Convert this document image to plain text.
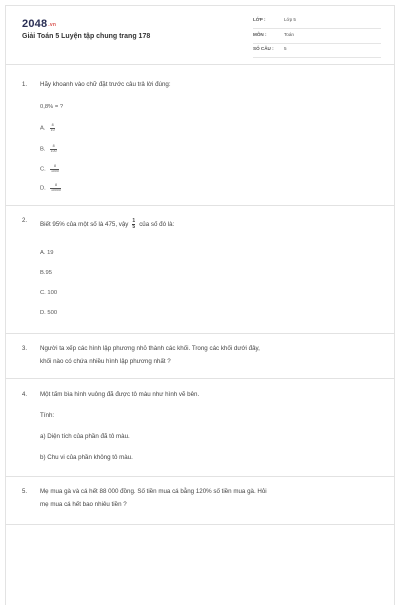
2048.vn
Giải Toán 5 Luyện tập chung trang 178
LỚP :	Lớp 5
MÔN :	Toán
SỐ CÂU : 5
1. Hãy khoanh vào chữ đặt trước câu trả lời đúng:
0,8% = ?
A. $\frac{8}{10}$
B. $\frac{8}{100}$
C. $\frac{8}{1000}$
D. $\frac{8}{10000}$
2.
Biết 95% của một số là 475, vậy $\frac{1}{5}$ của số đó là:
A. 19
B.95
C. 100
D. 500
3. Người ta xếp các hình lập phương nhỏ thành các khối. Trong các khối dưới đây,
khối nào có chứa nhiều hình lập phương nhất ?
4. Một tấm bìa hình vuông đã được tô màu như hình vẽ bên.
Tính:
a) Diện tích của phần đã tô màu.
b) Chu vi của phần không tô màu.
5. Mẹ mua gà và cá hết 88 000 đồng. Số tiền mua cá bằng 120% số tiền mua gà. Hỏi
mẹ mua cá hết bao nhiêu tiền ?
